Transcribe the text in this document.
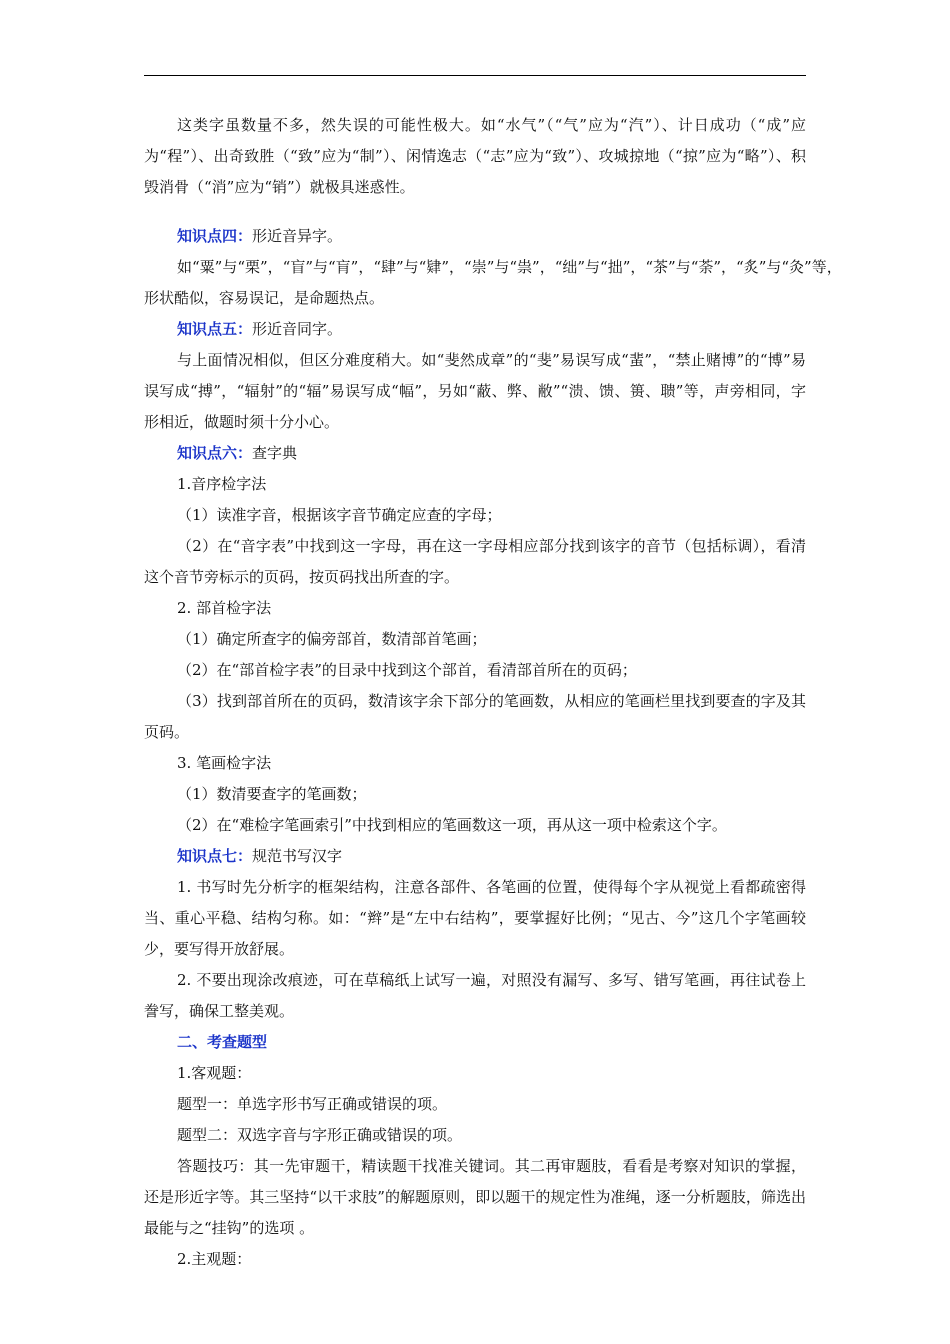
这类字虽数量不多，然失误的可能性极大。如“水气”（“气”应为“汽”）、计日成功（“成”应为“程”）、出奇致胜（“致”应为“制”）、闲情逸志（“志”应为“致”）、攻城掠地（“掠”应为“略”）、积毁消骨（“消”应为“销”）就极具迷惑性。

知识点四：形近音异字。

如“粟”与“栗”，“盲”与“肓”，“肆”与“肄”，“崇”与“祟”，“绌”与“拙”，“茶”与“荼”，“炙”与“灸”等，形状酷似，容易误记，是命题热点。

知识点五：形近音同字。

与上面情况相似，但区分难度稍大。如“斐然成章”的“斐”易误写成“蜚”，“禁止赌博”的“博”易误写成“搏”，“辐射”的“辐”易误写成“幅”，另如“蔽、弊、敝”“溃、馈、篑、聩”等，声旁相同，字形相近，做题时须十分小心。

知识点六：查字典

1.音序检字法

（1）读准字音，根据该字音节确定应查的字母；

（2）在“音字表”中找到这一字母，再在这一字母相应部分找到该字的音节（包括标调），看清这个音节旁标示的页码，按页码找出所查的字。

2. 部首检字法

（1）确定所查字的偏旁部首，数清部首笔画；

（2）在“部首检字表”的目录中找到这个部首，看清部首所在的页码；

（3）找到部首所在的页码，数清该字余下部分的笔画数，从相应的笔画栏里找到要查的字及其页码。

3. 笔画检字法

（1）数清要查字的笔画数；

（2）在“难检字笔画索引”中找到相应的笔画数这一项，再从这一项中检索这个字。

知识点七：规范书写汉字

1. 书写时先分析字的框架结构，注意各部件、各笔画的位置，使得每个字从视觉上看都疏密得当、重心平稳、结构匀称。如：“辫”是“左中右结构”，要掌握好比例；“见古、今”这几个字笔画较少，要写得开放舒展。

2. 不要出现涂改痕迹，可在草稿纸上试写一遍，对照没有漏写、多写、错写笔画，再往试卷上誊写，确保工整美观。

二、考查题型

1.客观题：

题型一：单选字形书写正确或错误的项。

题型二：双选字音与字形正确或错误的项。

答题技巧：其一先审题干，精读题干找准关键词。其二再审题肢，看看是考察对知识的掌握，还是形近字等。其三坚持“以干求肢”的解题原则，即以题干的规定性为准绳，逐一分析题肢，筛选出最能与之“挂钩”的选项 。

2.主观题：
